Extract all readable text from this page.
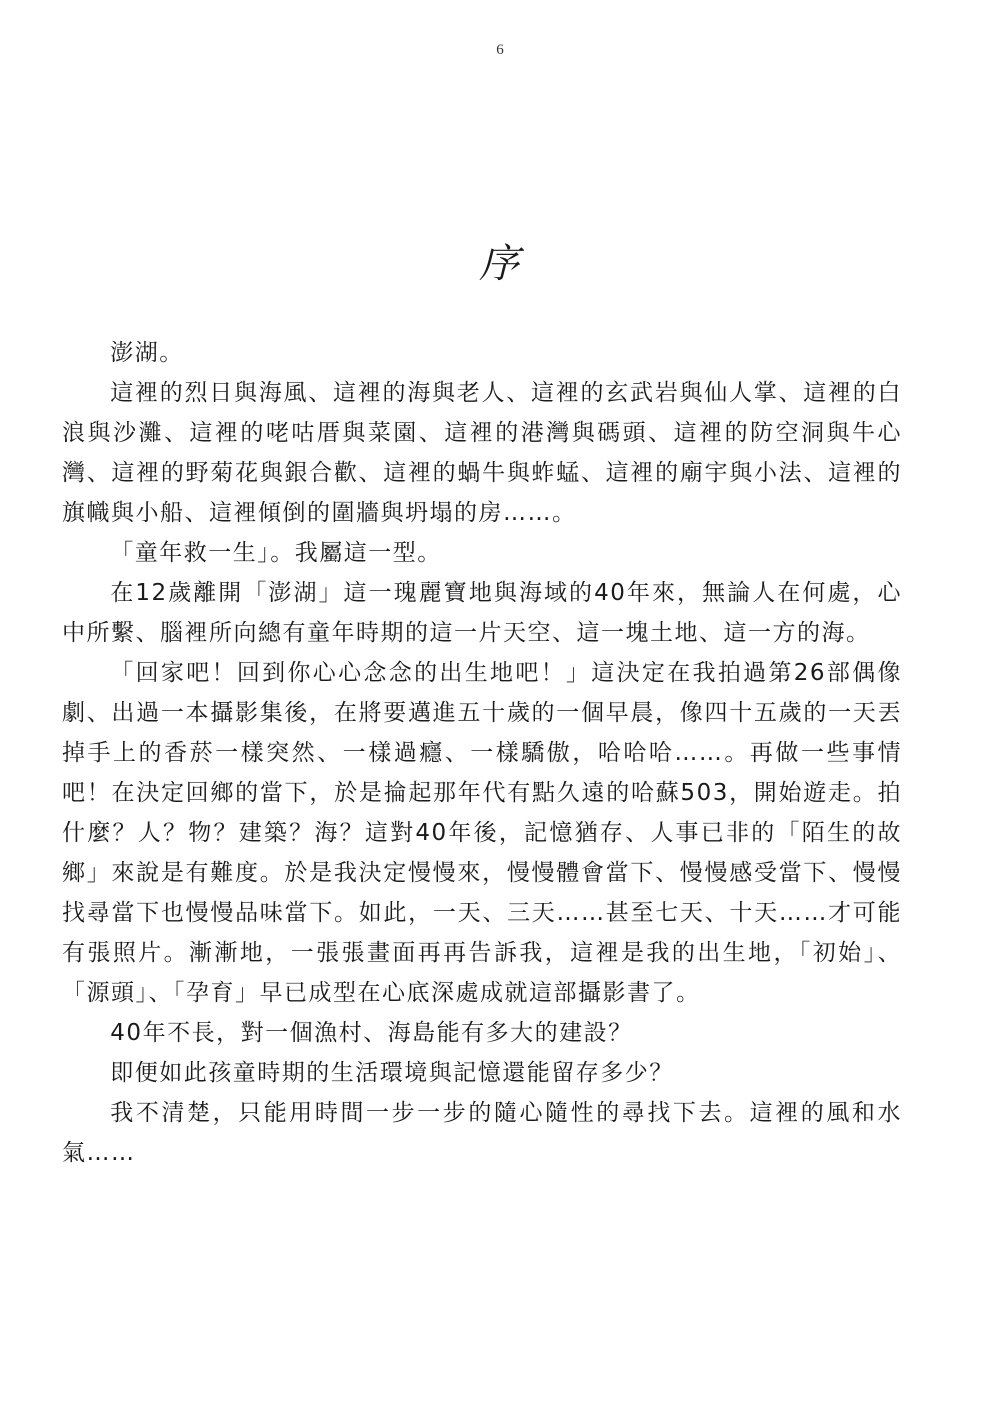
6
序

澎湖。

這裡的烈日與海風、這裡的海與老人、這裡的玄武岩與仙人掌、這裡的白浪與沙灘、這裡的咾咕厝與菜園、這裡的港灣與碼頭、這裡的防空洞與牛心灣、這裡的野菊花與銀合歡、這裡的蝸牛與蚱蜢、這裡的廟宇與小法、這裡的旗幟與小船、這裡傾倒的圍牆與坍塌的房……。

「童年救一生」。我屬這一型。

在12歲離開「澎湖」這一瑰麗寶地與海域的40年來，無論人在何處，心中所繫、腦裡所向總有童年時期的這一片天空、這一塊土地、這一方的海。

「回家吧！回到你心心念念的出生地吧！」這決定在我拍過第26部偶像劇、出過一本攝影集後，在將要邁進五十歲的一個早晨，像四十五歲的一天丟掉手上的香菸一樣突然、一樣過癮、一樣驕傲，哈哈哈……。再做一些事情吧！在決定回鄉的當下，於是掄起那年代有點久遠的哈蘇503，開始遊走。拍什麼？人？物？建築？海？這對40年後，記憶猶存、人事已非的「陌生的故鄉」來說是有難度。於是我決定慢慢來，慢慢體會當下、慢慢感受當下、慢慢找尋當下也慢慢品味當下。如此，一天、三天……甚至七天、十天……才可能有張照片。漸漸地，一張張畫面再再告訴我，這裡是我的出生地，「初始」、「源頭」、「孕育」早已成型在心底深處成就這部攝影書了。

40年不長，對一個漁村、海島能有多大的建設？

即便如此孩童時期的生活環境與記憶還能留存多少？

我不清楚，只能用時間一步一步的隨心隨性的尋找下去。這裡的風和水氣……
